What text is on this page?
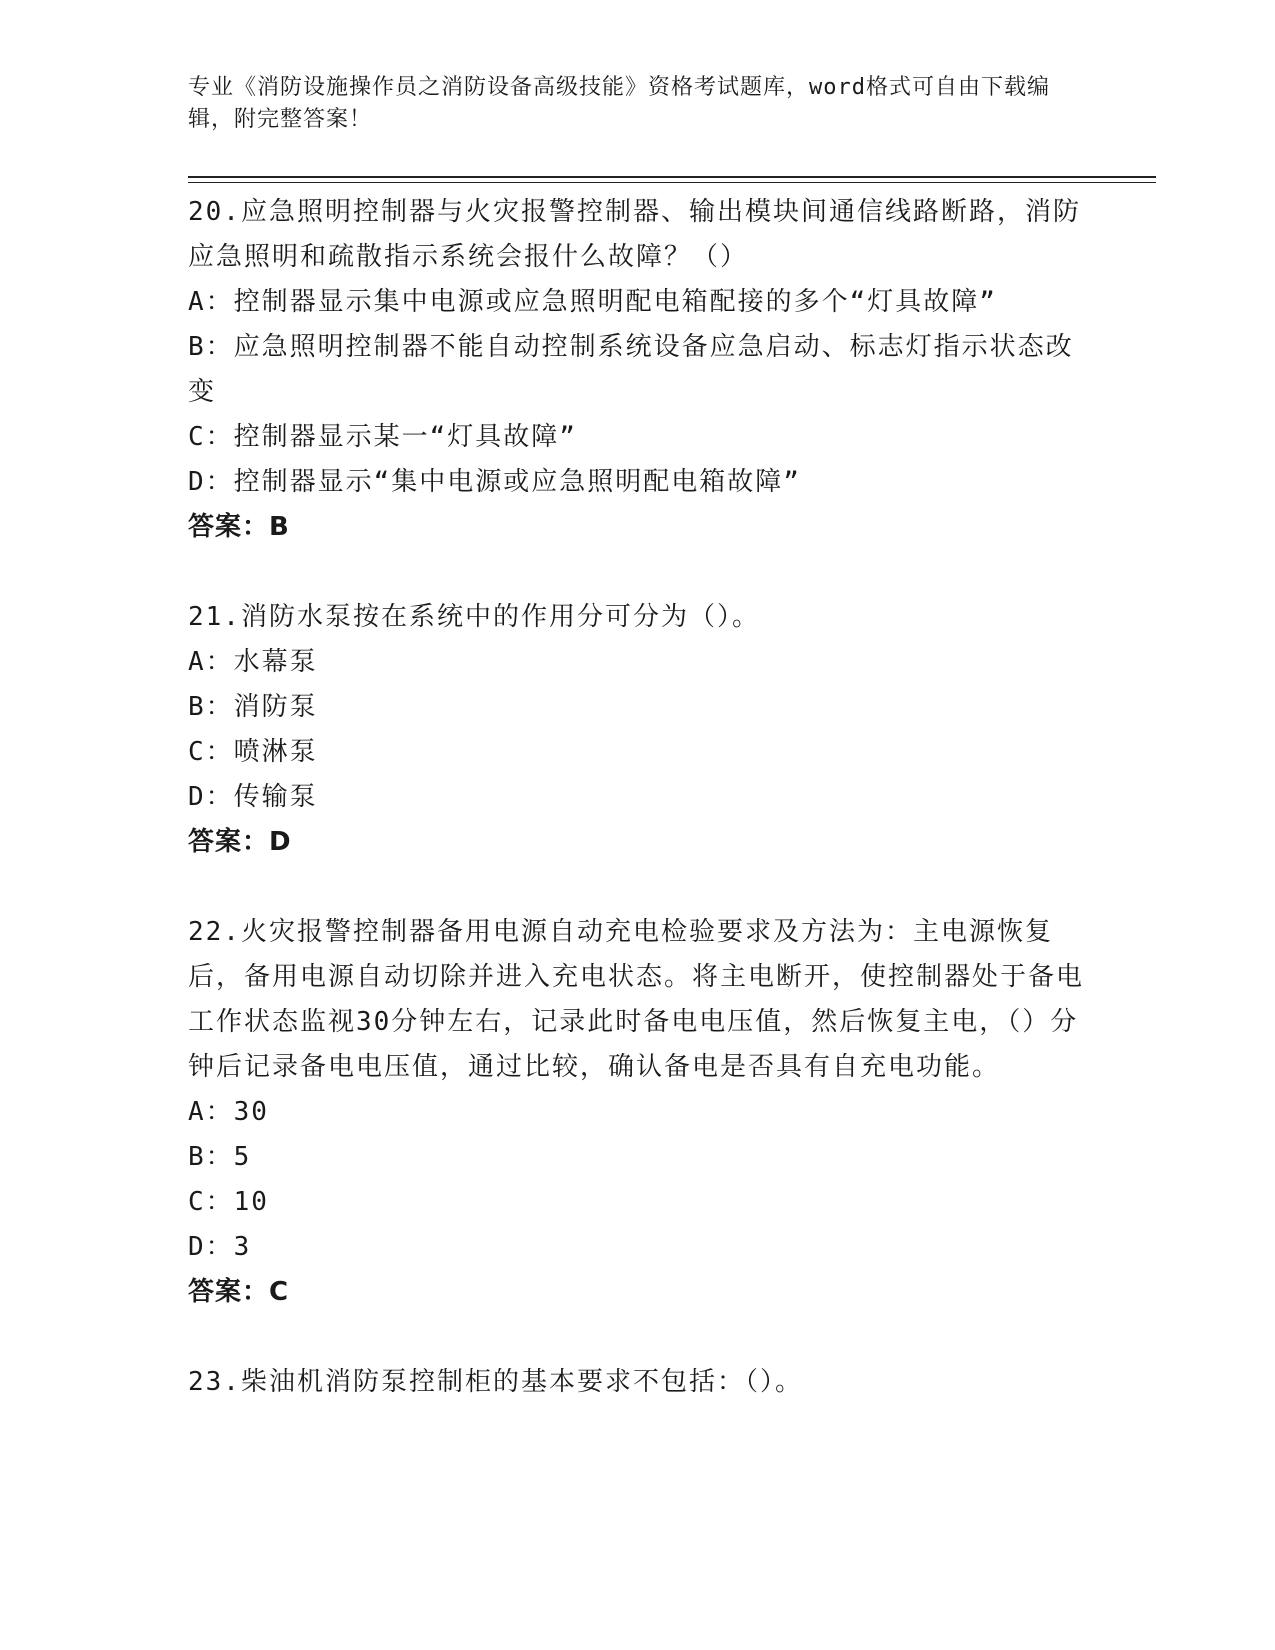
专业《消防设施操作员之消防设备高级技能》资格考试题库，word格式可自由下载编辑，附完整答案！

20.应急照明控制器与火灾报警控制器、输出模块间通信线路断路，消防应急照明和疏散指示系统会报什么故障？（）

A：控制器显示集中电源或应急照明配电箱配接的多个“灯具故障”

B：应急照明控制器不能自动控制系统设备应急启动、标志灯指示状态改变

C：控制器显示某一“灯具故障”

D：控制器显示“集中电源或应急照明配电箱故障”

答案：B

21.消防水泵按在系统中的作用分可分为（）。

A：水幕泵

B：消防泵

C：喷淋泵

D：传输泵

答案：D

22.火灾报警控制器备用电源自动充电检验要求及方法为：主电源恢复后，备用电源自动切除并进入充电状态。将主电断开，使控制器处于备电工作状态监视30分钟左右，记录此时备电电压值，然后恢复主电，（）分钟后记录备电电压值，通过比较，确认备电是否具有自充电功能。

A：30

B：5

C：10

D：3

答案：C

23.柴油机消防泵控制柜的基本要求不包括：（）。
